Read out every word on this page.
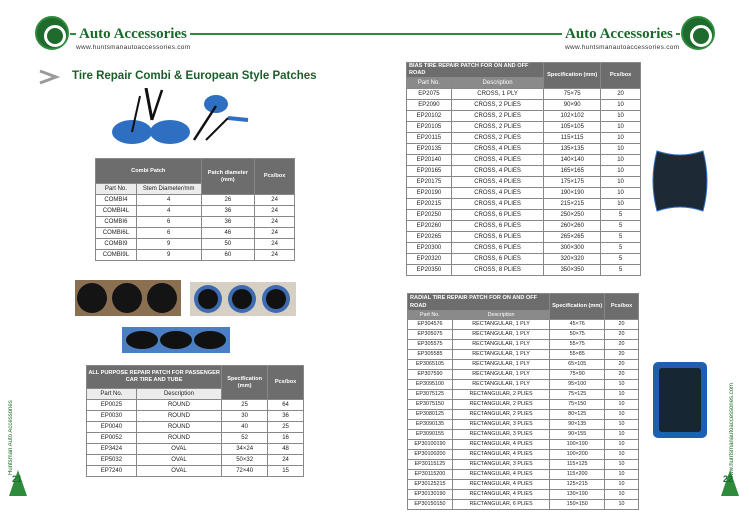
Auto Accessories
www.huntsmanautoaccessories.com
Tire Repair Combi & European Style Patches
Combi Patch		Patch diameter (mm)	Pcs/box
Part No.	Stem Diameter/mm		
COMBI4	4	26	24
COMBI4L	4	36	24
COMBI6	6	36	24
COMBI6L	6	46	24
COMBI9	9	50	24
COMBI9L	9	60	24
ALL PURPOSE REPAIR PATCH FOR PASSENGER CAR TIRE AND TUBE		Specification (mm)	Pcs/box
Part No.	Description		
EP0025	ROUND	25	64
EP0030	ROUND	30	36
EP0040	ROUND	40	25
EP0052	ROUND	52	16
EP3424	OVAL	34×24	48
EP5032	OVAL	50×32	24
EP7240	OVAL	72×40	15
Huntsman Auto Accessories
21
Auto Accessories
www.huntsmanautoaccessories.com
BIAS TIRE REPAIR PATCH FOR ON AND OFF ROAD		Specification (mm)	Pcs/box
Part No.	Description		
EP2075	CROSS, 1 PLY	75×75	20
EP2090	CROSS, 2 PLIES	90×90	10
EP20102	CROSS, 2 PLIES	102×102	10
EP20105	CROSS, 2 PLIES	105×105	10
EP20115	CROSS, 2 PLIES	115×115	10
EP20135	CROSS, 4 PLIES	135×135	10
EP20140	CROSS, 4 PLIES	140×140	10
EP20165	CROSS, 4 PLIES	165×165	10
EP20175	CROSS, 4 PLIES	175×175	10
EP20190	CROSS, 4 PLIES	190×190	10
EP20215	CROSS, 4 PLIES	215×215	10
EP20250	CROSS, 6 PLIES	250×250	5
EP20260	CROSS, 6 PLIES	260×260	5
EP20265	CROSS, 6 PLIES	265×265	5
EP20300	CROSS, 6 PLIES	300×300	5
EP20320	CROSS, 6 PLIES	320×320	5
EP20350	CROSS, 8 PLIES	350×350	5
RADIAL TIRE REPAIR PATCH FOR ON AND OFF ROAD		Specification (mm)	Pcs/box
Part No.	Description		
EP304576	RECTANGULAR, 1 PLY	45×76	20
EP305075	RECTANGULAR, 1 PLY	50×75	20
EP305575	RECTANGULAR, 1 PLY	55×75	20
EP305585	RECTANGULAR, 1 PLY	55×85	20
EP3065105	RECTANGULAR, 1 PLY	65×105	20
EP307590	RECTANGULAR, 1 PLY	75×90	20
EP3095100	RECTANGULAR, 1 PLY	95×100	10
EP3075125	RECTANGULAR, 2 PLIES	75×125	10
EP3075150	RECTANGULAR, 2 PLIES	75×150	10
EP3080125	RECTANGULAR, 2 PLIES	80×125	10
EP3090135	RECTANGULAR, 3 PLIES	90×135	10
EP3090155	RECTANGULAR, 3 PLIES	90×155	10
EP30100190	RECTANGULAR, 4 PLIES	100×190	10
EP30100200	RECTANGULAR, 4 PLIES	100×200	10
EP30115125	RECTANGULAR, 3 PLIES	115×125	10
EP30115200	RECTANGULAR, 4 PLIES	115×200	10
EP30125215	RECTANGULAR, 4 PLIES	125×215	10
EP30130190	RECTANGULAR, 4 PLIES	130×190	10
EP30150150	RECTANGULAR, 6 PLIES	150×150	10
www.huntsmanautoaccessories.com
22
